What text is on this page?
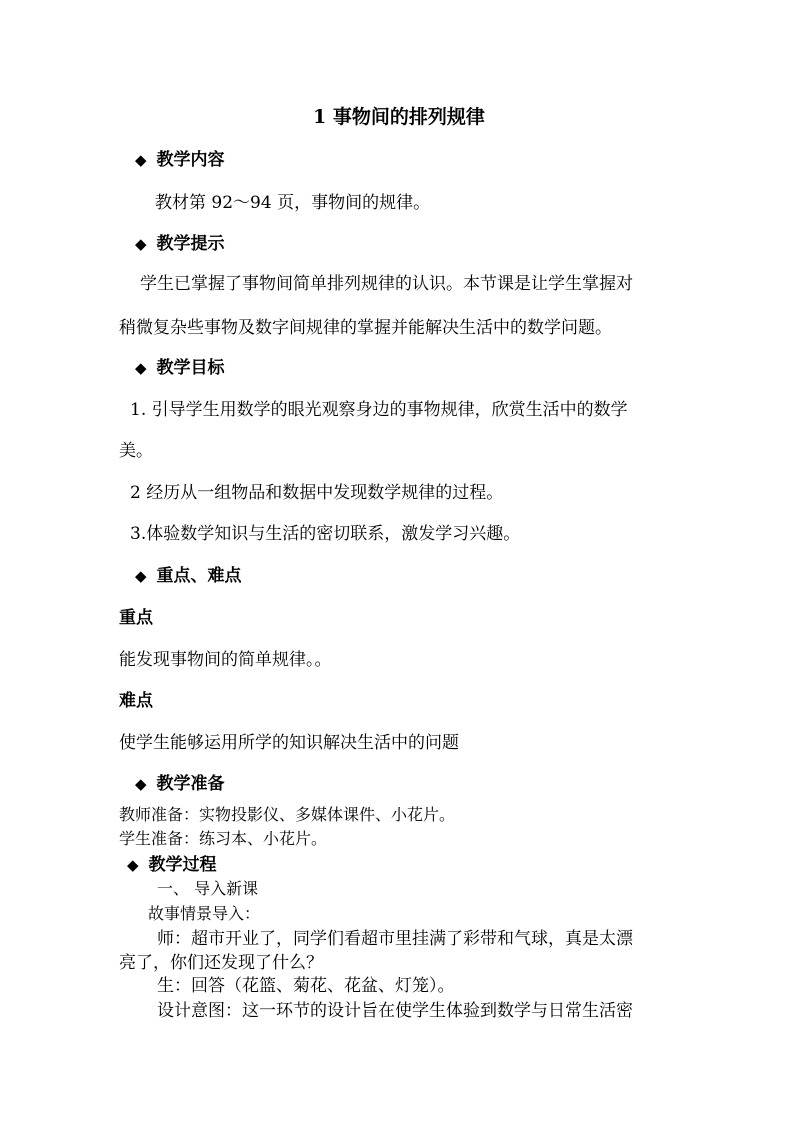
1 事物间的排列规律
◆ 教学内容
教材第 92～94 页，事物间的规律。
◆ 教学提示
学生已掌握了事物间简单排列规律的认识。本节课是让学生掌握对
稍微复杂些事物及数字间规律的掌握并能解决生活中的数学问题。
◆ 教学目标
1. 引导学生用数学的眼光观察身边的事物规律，欣赏生活中的数学
美。
2 经历从一组物品和数据中发现数学规律的过程。
3.体验数学知识与生活的密切联系，激发学习兴趣。
◆ 重点、难点
重点
能发现事物间的简单规律。。
难点
使学生能够运用所学的知识解决生活中的问题
◆ 教学准备
教师准备：实物投影仪、多媒体课件、小花片。
学生准备：练习本、小花片。
◆ 教学过程
一、 导入新课
故事情景导入：
师：超市开业了，同学们看超市里挂满了彩带和气球，真是太漂
亮了，你们还发现了什么？
生：回答（花篮、菊花、花盆、灯笼）。
设计意图：这一环节的设计旨在使学生体验到数学与日常生活密
